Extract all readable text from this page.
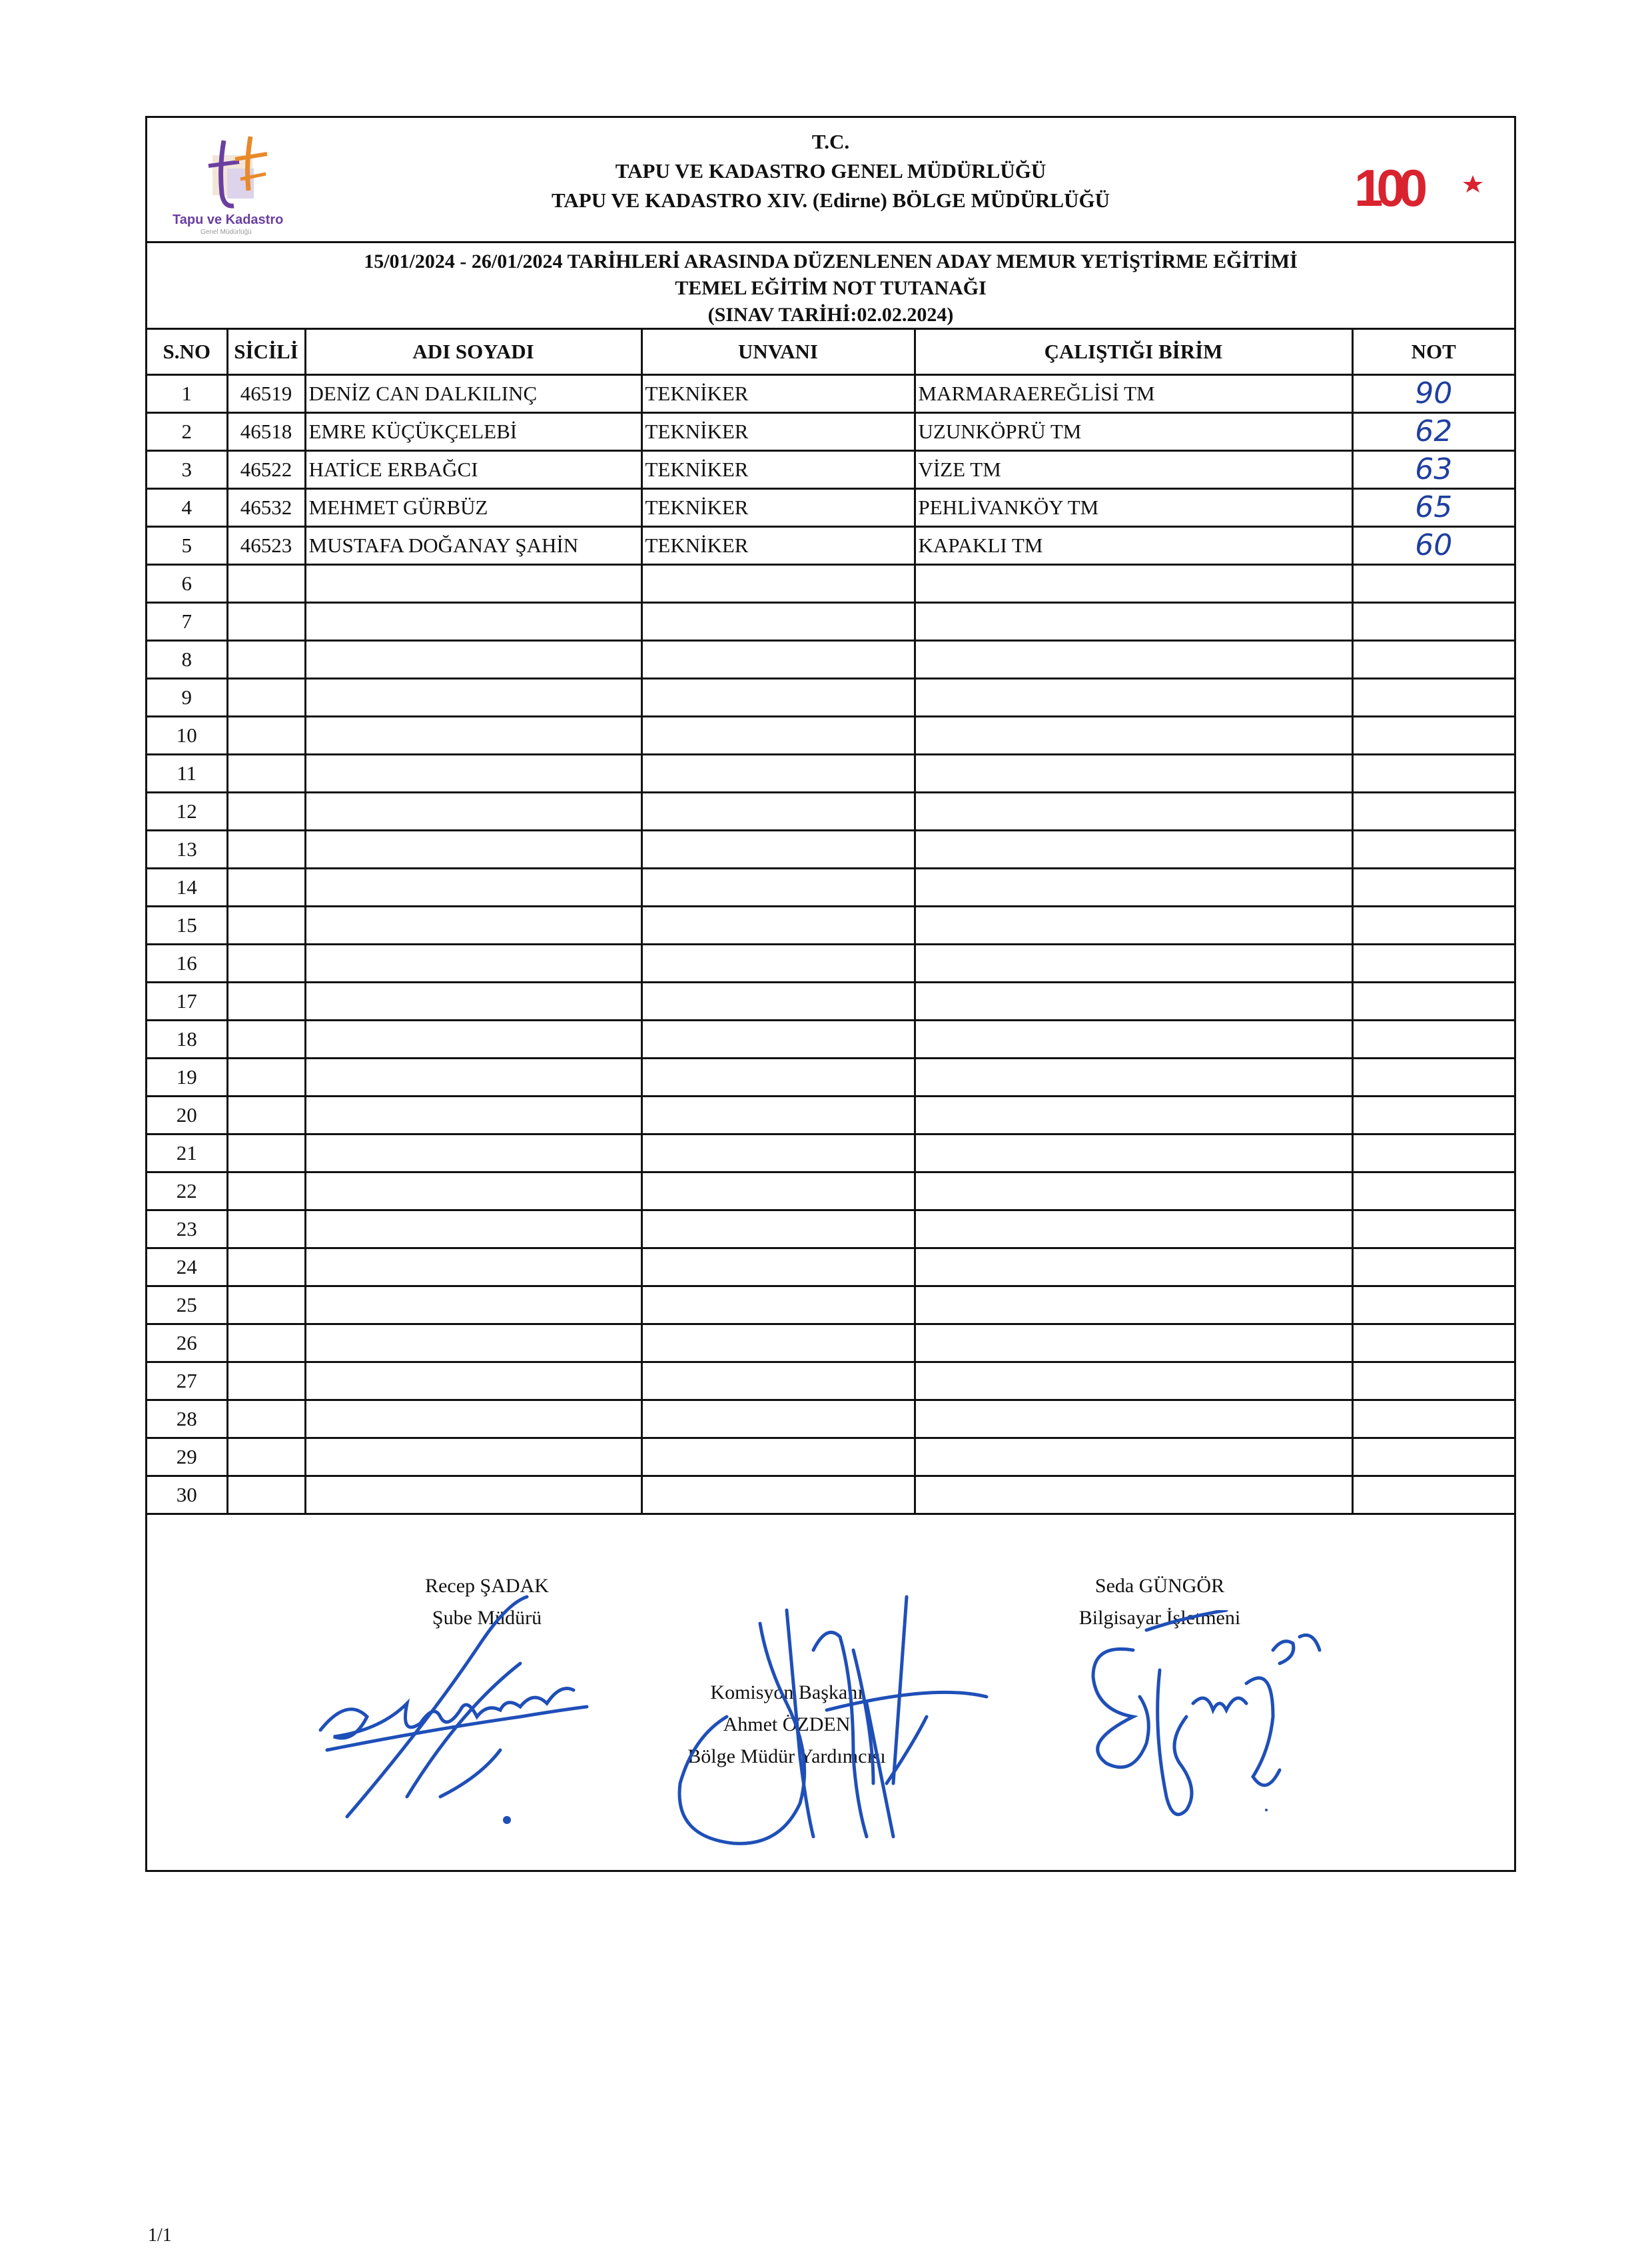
Tapu ve Kadastro
Genel Müdürlüğü
T.C.
TAPU VE KADASTRO GENEL MÜDÜRLÜĞÜ
TAPU VE KADASTRO XIV. (Edirne) BÖLGE MÜDÜRLÜĞÜ	100
15/01/2024 - 26/01/2024 TARİHLERİ ARASINDA DÜZENLENEN ADAY MEMUR YETİŞTİRME EĞİTİMİ
TEMEL EĞİTİM NOT TUTANAĞI
(SINAV TARİHİ:02.02.2024)
S.NO	SİCİLİ	ADI SOYADI	UNVANI	ÇALIŞTIĞI BİRİM	NOT
1	46519	DENİZ CAN DALKILINÇ	TEKNİKER	MARMARAEREĞLİSİ TM	90
2	46518	EMRE KÜÇÜKÇELEBİ	TEKNİKER	UZUNKÖPRÜ TM	62
3	46522	HATİCE ERBAĞCI	TEKNİKER	VİZE TM	63
4	46532	MEHMET GÜRBÜZ	TEKNİKER	PEHLİVANKÖY TM	65
5	46523	MUSTAFA DOĞANAY ŞAHİN	TEKNİKER	KAPAKLI TM	60
6					
7					
8					
9					
10					
11					
12					
13					
14					
15					
16					
17					
18					
19					
20					
21					
22					
23					
24					
25					
26					
27					
28					
29					
30					
Recep ŞADAK
Şube Müdürü
Komisyon Başkanı
Ahmet ÖZDEN
Bölge Müdür Yardımcısı
Seda GÜNGÖR
Bilgisayar İşletmeni
1/1
